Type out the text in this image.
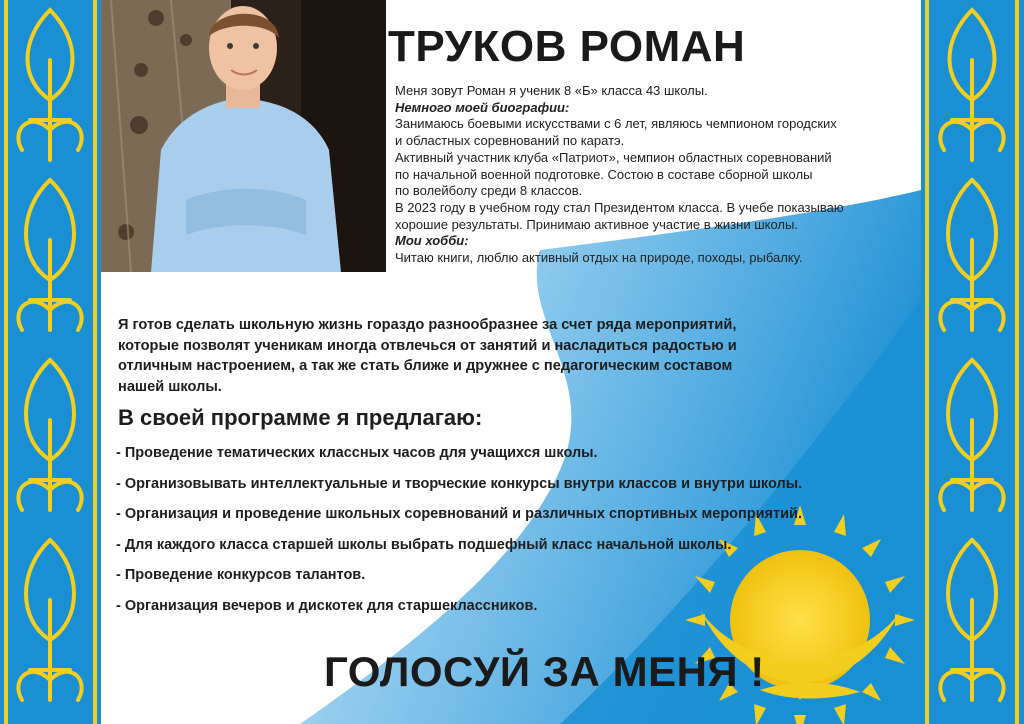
ТРУКОВ РОМАН

Меня зовут Роман я ученик 8 «Б» класса 43 школы.

Немного моей биографии:

Занимаюсь боевыми искусствами с 6 лет, являюсь чемпионом городских

и областных соревнований по каратэ.

Активный участник клуба «Патриот», чемпион областных соревнований

по начальной военной подготовке. Состою в составе сборной школы

по волейболу среди 8 классов.

В 2023 году в учебном году стал Президентом класса. В учебе показываю

хорошие результаты. Принимаю активное участие в жизни школы.

Мои хобби:

Читаю книги, люблю активный отдых на природе, походы, рыбалку.

Я готов сделать школьную жизнь гораздо разнообразнее за счет ряда мероприятий,
которые позволят ученикам иногда отвлечься от занятий и насладиться радостью и
отличным настроением, а так же стать ближе и дружнее с педагогическим составом
нашей школы.

В своей программе я предлагаю:
- Проведение тематических классных часов для учащихся школы.
- Организовывать интеллектуальные и творческие конкурсы внутри классов и внутри школы.
- Организация и проведение школьных соревнований и различных спортивных мероприятий.
- Для каждого класса старшей школы выбрать подшефный класс начальной школы.
- Проведение конкурсов талантов.
- Организация вечеров и дискотек для старшеклассников.
ГОЛОСУЙ ЗА МЕНЯ !
